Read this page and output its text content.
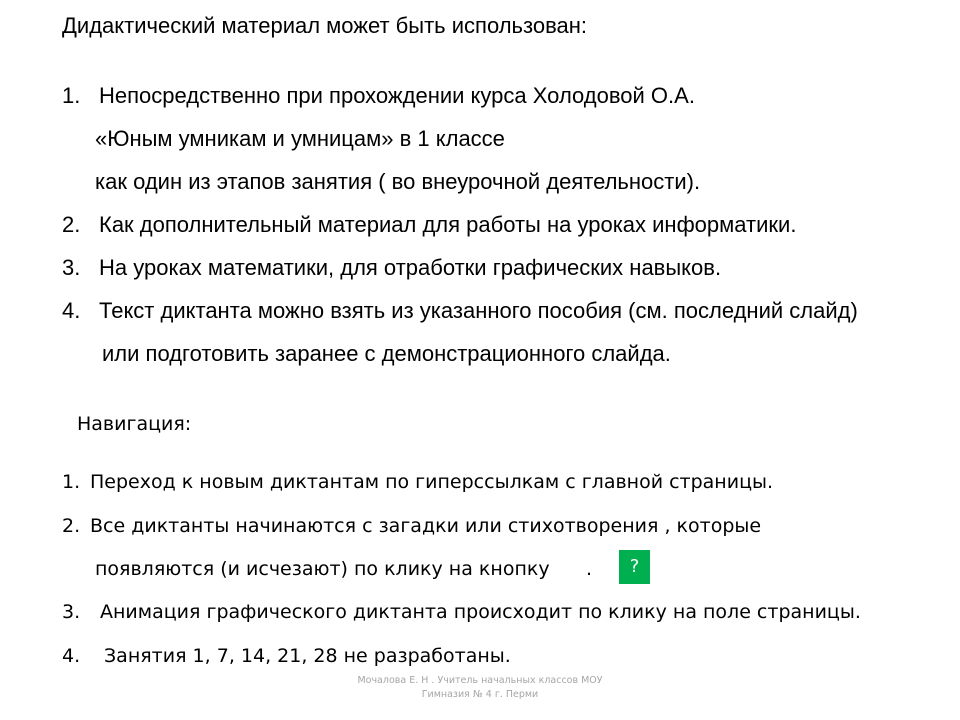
Дидактический материал может быть использован:
1. Непосредственно при прохождении курса Холодовой О.А.
«Юным умникам и умницам» в 1 классе
как один из этапов занятия ( во внеурочной деятельности).
2. Как дополнительный материал для работы на уроках информатики.
3. На уроках математики, для отработки графических навыков.
4. Текст диктанта можно взять из указанного пособия (см. последний слайд)
или подготовить заранее с демонстрационного слайда.
Навигация:
1. Переход к новым диктантам по гиперссылкам с главной страницы.
2. Все диктанты начинаются с загадки или стихотворения , которые
появляются (и исчезают) по клику на кнопку .	?
3. Анимация графического диктанта происходит по клику на поле страницы.
4. Занятия 1, 7, 14, 21, 28 не разработаны.
Мочалова Е. Н . Учитель начальных классов МОУ
Гимназия № 4 г. Перми
